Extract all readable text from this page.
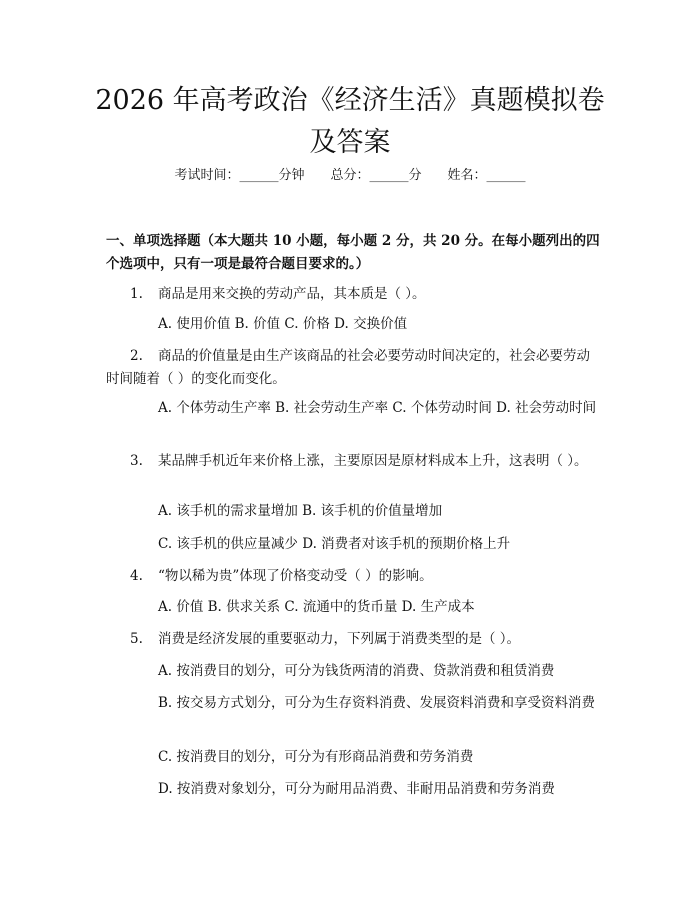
2026 年高考政治《经济生活》真题模拟卷及答案
考试时间：______分钟　　总分：______分　　姓名：______
一、单项选择题（本大题共 10 小题，每小题 2 分，共 20 分。在每小题列出的四个选项中，只有一项是最符合题目要求的。）
1. 商品是用来交换的劳动产品，其本质是（ ）。
A. 使用价值 B. 价值 C. 价格 D. 交换价值
2. 商品的价值量是由生产该商品的社会必要劳动时间决定的，社会必要劳动时间随着（ ）的变化而变化。
A. 个体劳动生产率 B. 社会劳动生产率 C. 个体劳动时间 D. 社会劳动时间
3. 某品牌手机近年来价格上涨，主要原因是原材料成本上升，这表明（ ）。
A. 该手机的需求量增加 B. 该手机的价值量增加
C. 该手机的供应量减少 D. 消费者对该手机的预期价格上升
4. “物以稀为贵”体现了价格变动受（ ）的影响。
A. 价值 B. 供求关系 C. 流通中的货币量 D. 生产成本
5. 消费是经济发展的重要驱动力，下列属于消费类型的是（ ）。
A. 按消费目的划分，可分为钱货两清的消费、贷款消费和租赁消费
B. 按交易方式划分，可分为生存资料消费、发展资料消费和享受资料消费
C. 按消费目的划分，可分为有形商品消费和劳务消费
D. 按消费对象划分，可分为耐用品消费、非耐用品消费和劳务消费
